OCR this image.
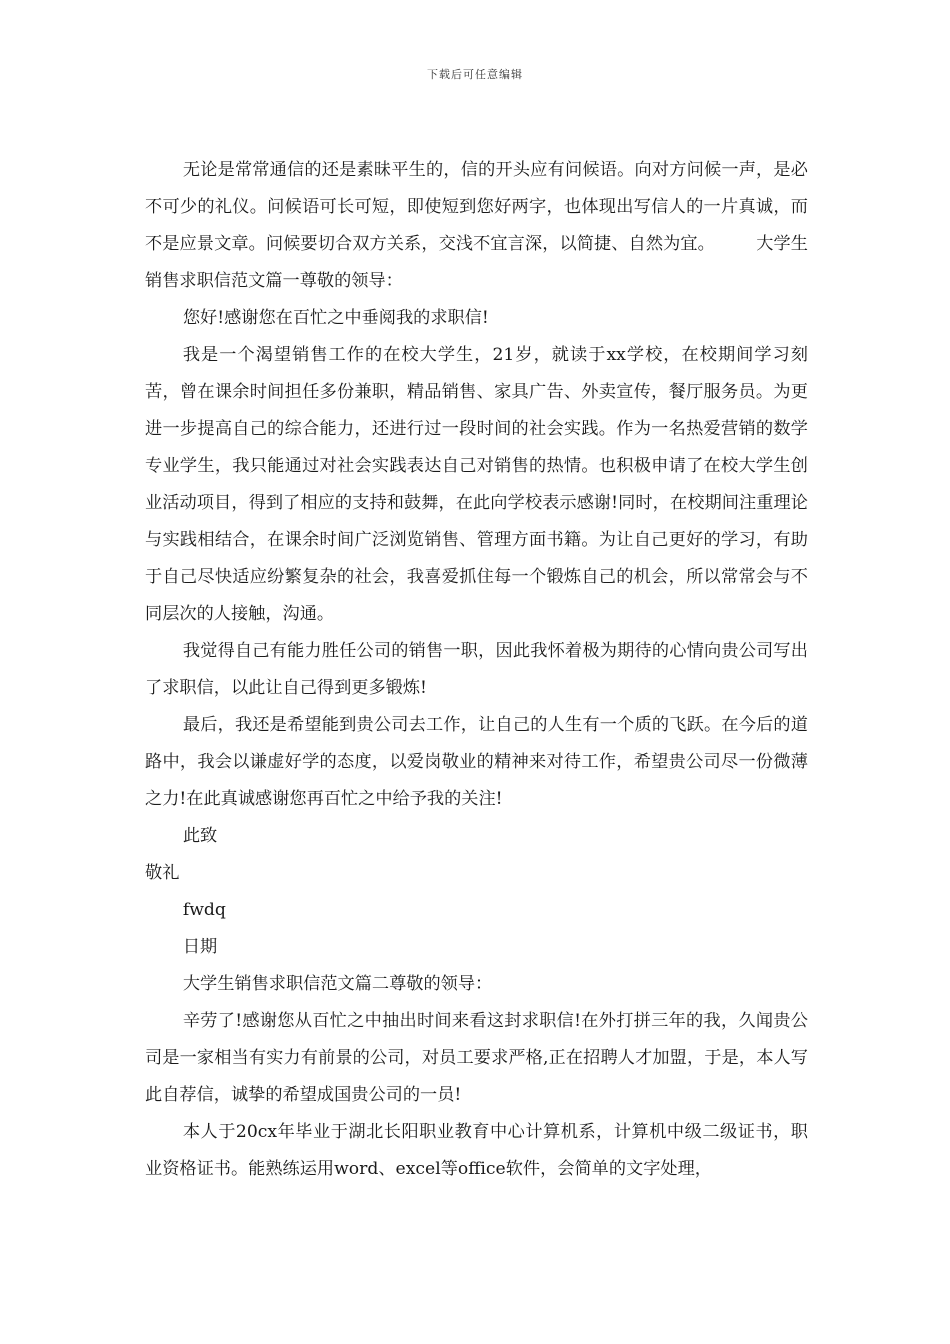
下载后可任意编辑

无论是常常通信的还是素昧平生的，信的开头应有问候语。向对方问候一声，是必不可少的礼仪。问候语可长可短，即使短到您好两字，也体现出写信人的一片真诚，而不是应景文章。问候要切合双方关系，交浅不宜言深，以简捷、自然为宜。 大学生销售求职信范文篇一尊敬的领导：

您好!感谢您在百忙之中垂阅我的求职信!

我是一个渴望销售工作的在校大学生，21岁，就读于xx学校，在校期间学习刻苦，曾在课余时间担任多份兼职，精品销售、家具广告、外卖宣传，餐厅服务员。为更进一步提高自己的综合能力，还进行过一段时间的社会实践。作为一名热爱营销的数学专业学生，我只能通过对社会实践表达自己对销售的热情。也积极申请了在校大学生创业活动项目，得到了相应的支持和鼓舞，在此向学校表示感谢!同时，在校期间注重理论与实践相结合，在课余时间广泛浏览销售、管理方面书籍。为让自己更好的学习，有助于自己尽快适应纷繁复杂的社会，我喜爱抓住每一个锻炼自己的机会，所以常常会与不同层次的人接触，沟通。

我觉得自己有能力胜任公司的销售一职，因此我怀着极为期待的心情向贵公司写出了求职信，以此让自己得到更多锻炼!

最后，我还是希望能到贵公司去工作，让自己的人生有一个质的飞跃。在今后的道路中，我会以谦虚好学的态度，以爱岗敬业的精神来对待工作，希望贵公司尽一份微薄之力!在此真诚感谢您再百忙之中给予我的关注!

此致

敬礼

fwdq

日期

大学生销售求职信范文篇二尊敬的领导：

辛劳了!感谢您从百忙之中抽出时间来看这封求职信!在外打拼三年的我，久闻贵公司是一家相当有实力有前景的公司，对员工要求严格,正在招聘人才加盟，于是，本人写此自荐信，诚挚的希望成国贵公司的一员!

本人于20cx年毕业于湖北长阳职业教育中心计算机系，计算机中级二级证书，职业资格证书。能熟练运用word、excel等office软件，会简单的文字处理，
